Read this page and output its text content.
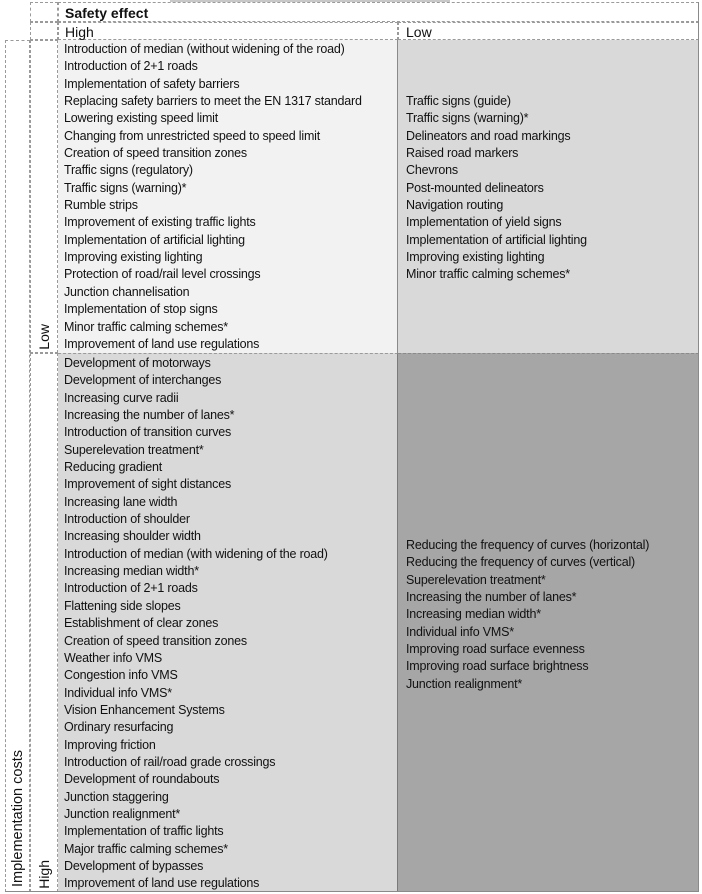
Safety effect
High	Low
Implementation costs
Low
High
Introduction of median (without widening of the road)
Introduction of 2+1 roads
Implementation of safety barriers
Replacing safety barriers to meet the EN 1317 standard
Lowering existing speed limit
Changing from unrestricted speed to speed limit
Creation of speed transition zones
Traffic signs (regulatory)
Traffic signs (warning)*
Rumble strips
Improvement of existing traffic lights
Implementation of artificial lighting
Improving existing lighting
Protection of road/rail level crossings
Junction channelisation
Implementation of stop signs
Minor traffic calming schemes*
Improvement of land use regulations
Traffic signs (guide)
Traffic signs (warning)*
Delineators and road markings
Raised road markers
Chevrons
Post-mounted delineators
Navigation routing
Implementation of yield signs
Implementation of artificial lighting
Improving existing lighting
Minor traffic calming schemes*
Development of motorways
Development of interchanges
Increasing curve radii
Increasing the number of lanes*
Introduction of transition curves
Superelevation treatment*
Reducing gradient
Improvement of sight distances
Increasing lane width
Introduction of shoulder
Increasing shoulder width
Introduction of median (with widening of the road)
Increasing median width*
Introduction of 2+1 roads
Flattening side slopes
Establishment of clear zones
Creation of speed transition zones
Weather info VMS
Congestion info VMS
Individual info VMS*
Vision Enhancement Systems
Ordinary resurfacing
Improving friction
Introduction of rail/road grade crossings
Development of roundabouts
Junction staggering
Junction realignment*
Implementation of traffic lights
Major traffic calming schemes*
Development of bypasses
Improvement of land use regulations
Reducing the frequency of curves (horizontal)
Reducing the frequency of curves (vertical)
Superelevation treatment*
Increasing the number of lanes*
Increasing median width*
Individual info VMS*
Improving road surface evenness
Improving road surface brightness
Junction realignment*
